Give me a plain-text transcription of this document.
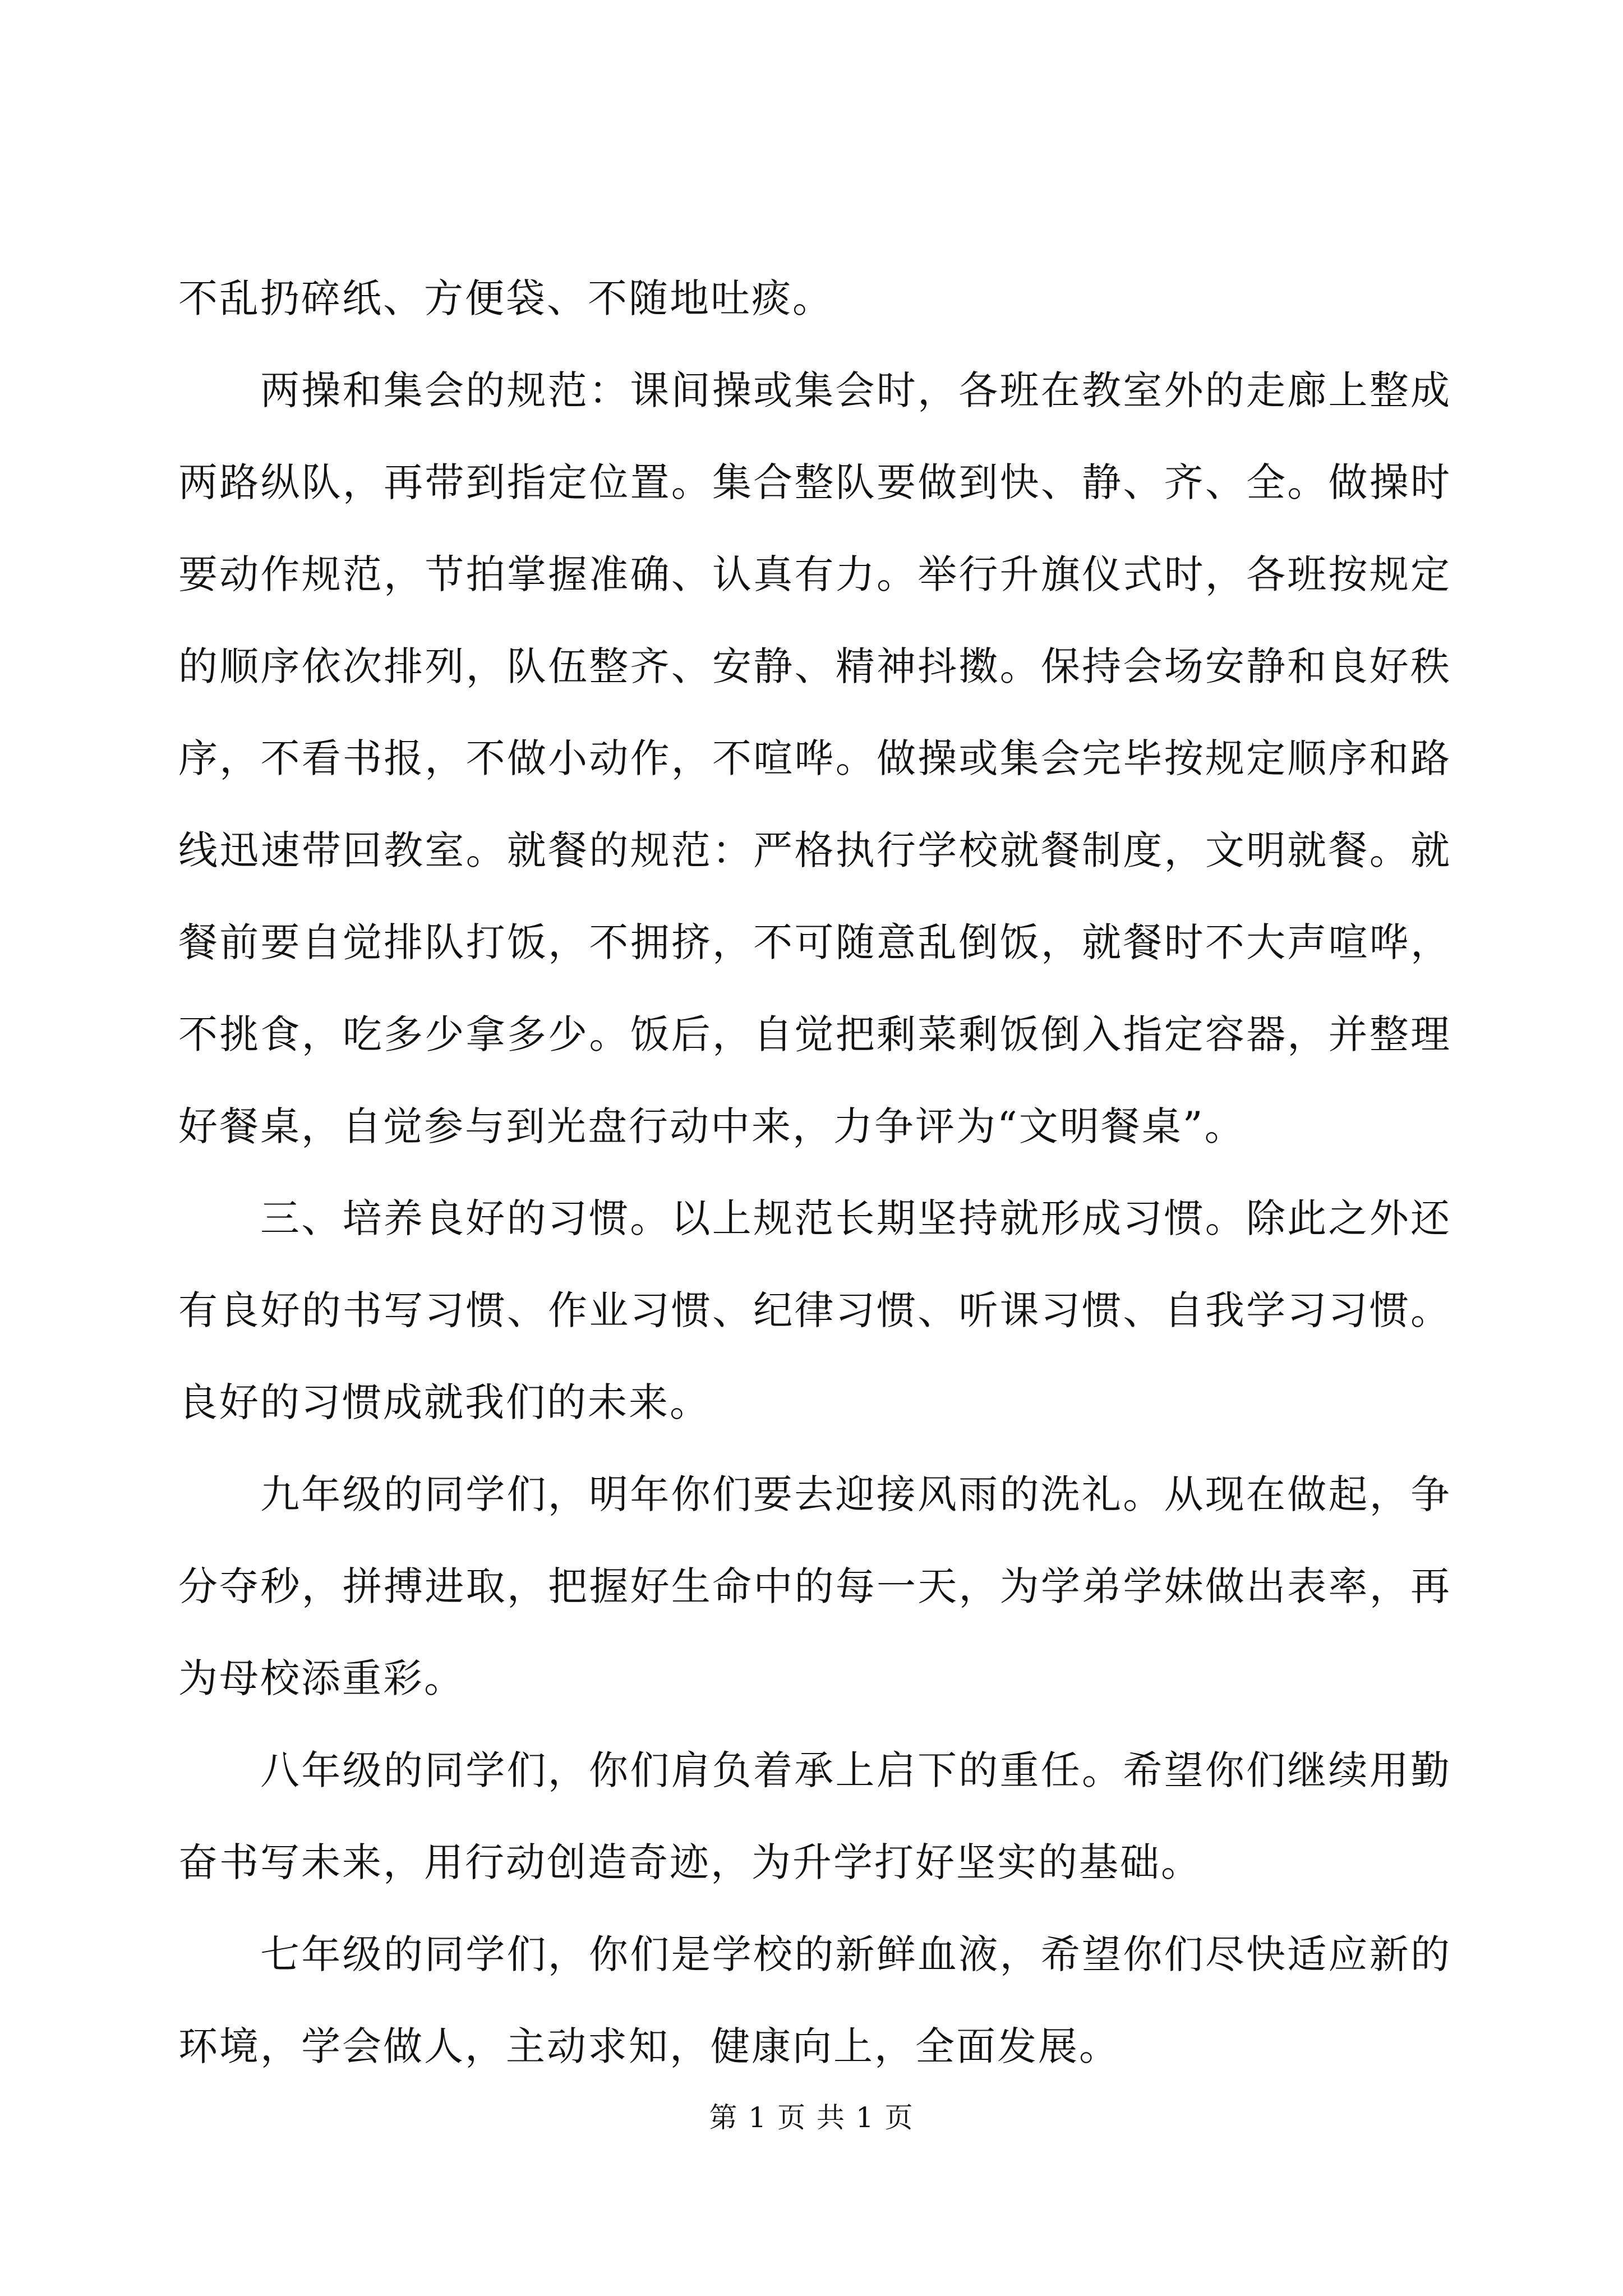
不乱扔碎纸、方便袋、不随地吐痰。

两操和集会的规范：课间操或集会时，各班在教室外的走廊上整成两路纵队，再带到指定位置。集合整队要做到快、静、齐、全。做操时要动作规范，节拍掌握准确、认真有力。举行升旗仪式时，各班按规定的顺序依次排列，队伍整齐、安静、精神抖擞。保持会场安静和良好秩序，不看书报，不做小动作，不喧哗。做操或集会完毕按规定顺序和路线迅速带回教室。就餐的规范：严格执行学校就餐制度，文明就餐。就餐前要自觉排队打饭，不拥挤，不可随意乱倒饭，就餐时不大声喧哗，不挑食，吃多少拿多少。饭后，自觉把剩菜剩饭倒入指定容器，并整理好餐桌，自觉参与到光盘行动中来，力争评为“文明餐桌”。

三、培养良好的习惯。以上规范长期坚持就形成习惯。除此之外还有良好的书写习惯、作业习惯、纪律习惯、听课习惯、自我学习习惯。良好的习惯成就我们的未来。

九年级的同学们，明年你们要去迎接风雨的洗礼。从现在做起，争分夺秒，拼搏进取，把握好生命中的每一天，为学弟学妹做出表率，再为母校添重彩。

八年级的同学们，你们肩负着承上启下的重任。希望你们继续用勤奋书写未来，用行动创造奇迹，为升学打好坚实的基础。

七年级的同学们，你们是学校的新鲜血液，希望你们尽快适应新的环境，学会做人，主动求知，健康向上，全面发展。

第 1 页 共 1 页
